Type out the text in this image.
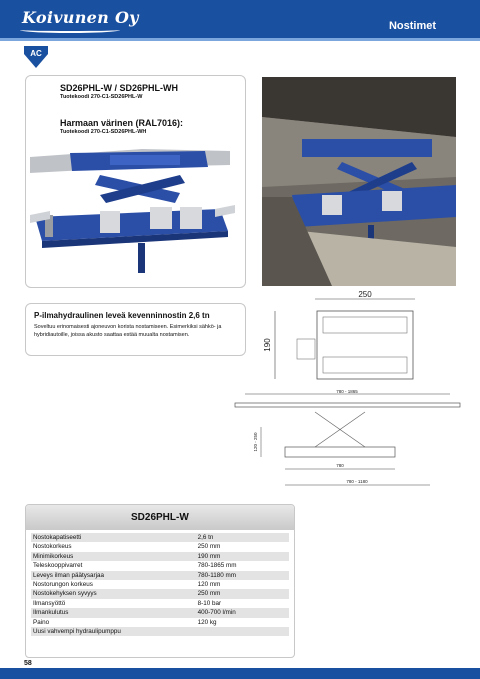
Koivunen Oy	Nostimet
AC
SD26PHL-W / SD26PHL-WH
Tuotekoodi 270-C1-SD26PHL-W
Harmaan värinen (RAL7016):
Tuotekoodi 270-C1-SD26PHL-WH
P-ilmahydraulinen leveä kevenninnostin 2,6 tn
Soveltuu erinomaisesti ajoneuvon korista nostamiseen. Esimerkiksi sähkö- ja hybridiautoille, joissa akusto saattaa estää muualta nostamisen.
250
190
780 - 1865
120 - 250
780
780 - 1180
SD26PHL-W
Nostokapatiseetti	2,6 tn
Nostokorkeus	250 mm
Minimikorkeus	190 mm
Teleskooppivarret	780-1865 mm
Leveys ilman päätysarjaa	780-1180 mm
Nostorungon korkeus	120 mm
Nostokehyksen syvyys	250 mm
Ilmansyöttö	8-10 bar
Ilmankulutus	400-700 l/min
Paino	120 kg
Uusi vahvempi hydraulipumppu	
58
